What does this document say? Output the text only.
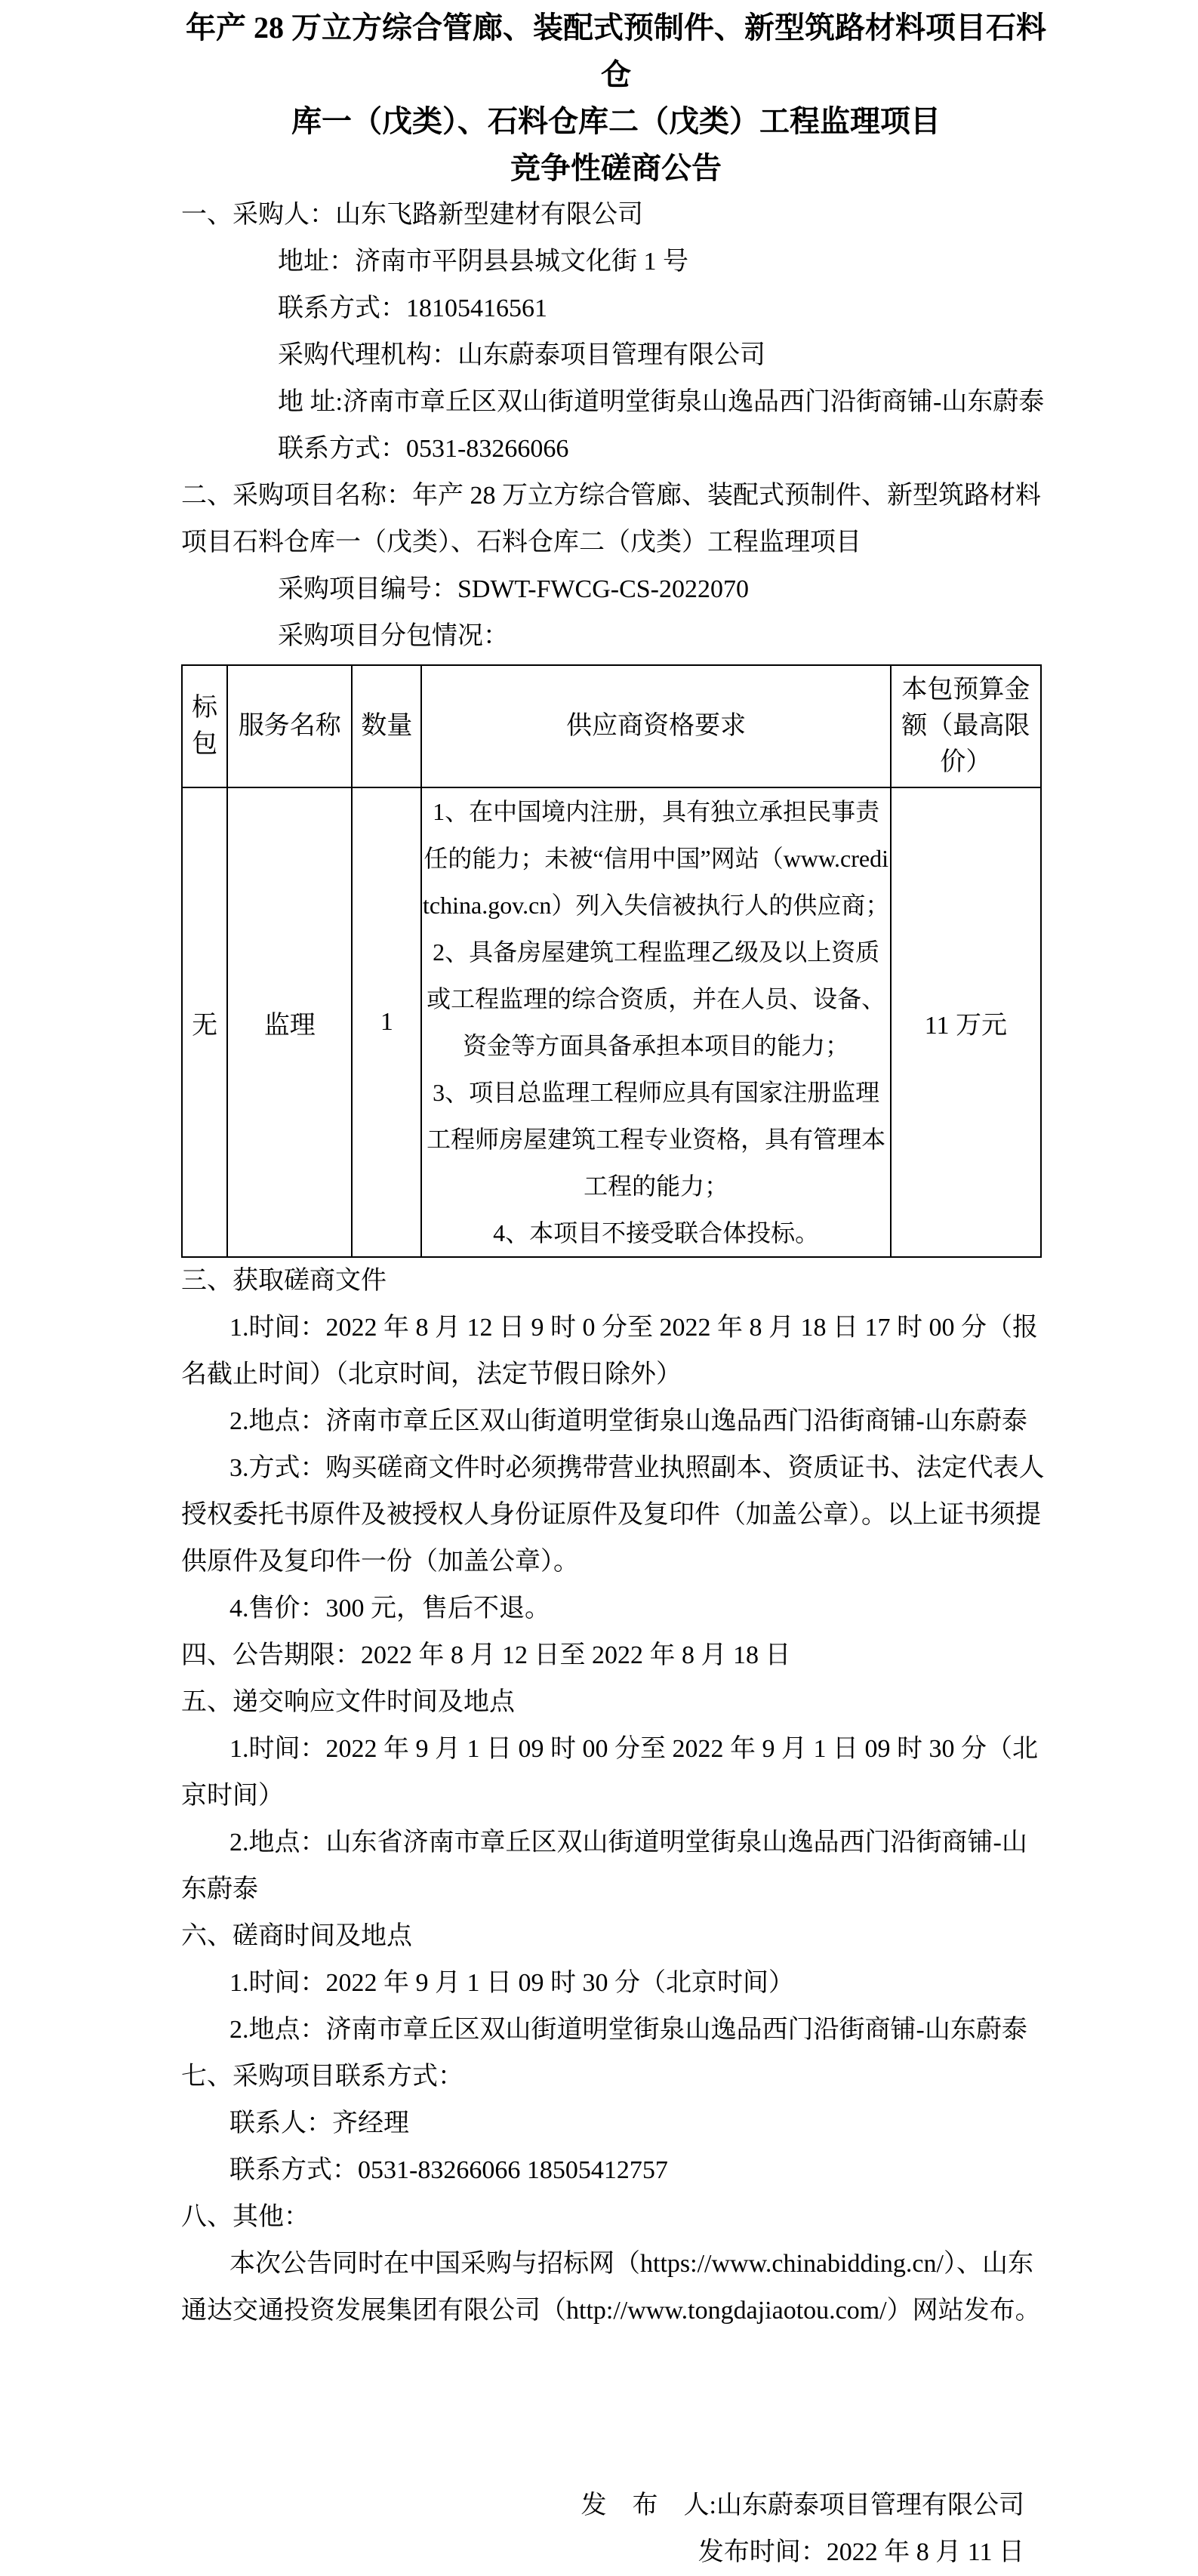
年产 28 万立方综合管廊、装配式预制件、新型筑路材料项目石料仓

库一（戊类）、石料仓库二（戊类）工程监理项目

竞争性磋商公告

一、采购人：山东飞路新型建材有限公司

地址：济南市平阴县县城文化街 1 号

联系方式：18105416561

采购代理机构：山东蔚泰项目管理有限公司

地 址:济南市章丘区双山街道明堂街泉山逸品西门沿街商铺-山东蔚泰

联系方式：0531-83266066

二、采购项目名称：年产 28 万立方综合管廊、装配式预制件、新型筑路材料项目石料仓库一（戊类）、石料仓库二（戊类）工程监理项目

采购项目编号：SDWT-FWCG-CS-2022070

采购项目分包情况：

标包	服务名称	数量	供应商资格要求	本包预算金额（最高限价）
无	监理	1	1、在中国境内注册，具有独立承担民事责任的能力；未被“信用中国”网站（www.creditchina.gov.cn）列入失信被执行人的供应商；

2、具备房屋建筑工程监理乙级及以上资质或工程监理的综合资质，并在人员、设备、资金等方面具备承担本项目的能力；

3、项目总监理工程师应具有国家注册监理工程师房屋建筑工程专业资格，具有管理本工程的能力；

4、本项目不接受联合体投标。	11 万元

三、获取磋商文件

1.时间：2022 年 8 月 12 日 9 时 0 分至 2022 年 8 月 18 日 17 时 00 分（报名截止时间）（北京时间，法定节假日除外）

2.地点：济南市章丘区双山街道明堂街泉山逸品西门沿街商铺-山东蔚泰

3.方式：购买磋商文件时必须携带营业执照副本、资质证书、法定代表人授权委托书原件及被授权人身份证原件及复印件（加盖公章）。以上证书须提供原件及复印件一份（加盖公章）。

4.售价：300 元，售后不退。

四、公告期限：2022 年 8 月 12 日至 2022 年 8 月 18 日

五、递交响应文件时间及地点

1.时间：2022 年 9 月 1 日 09 时 00 分至 2022 年 9 月 1 日 09 时 30 分（北京时间）

2.地点：山东省济南市章丘区双山街道明堂街泉山逸品西门沿街商铺-山东蔚泰

六、磋商时间及地点

1.时间：2022 年 9 月 1 日 09 时 30 分（北京时间）

2.地点：济南市章丘区双山街道明堂街泉山逸品西门沿街商铺-山东蔚泰

七、采购项目联系方式：

联系人：齐经理

联系方式：0531-83266066 18505412757

八、其他：

本次公告同时在中国采购与招标网（https://www.chinabidding.cn/）、山东通达交通投资发展集团有限公司（http://www.tongdajiaotou.com/）网站发布。

发　布　人:山东蔚泰项目管理有限公司

发布时间：2022 年 8 月 11 日
